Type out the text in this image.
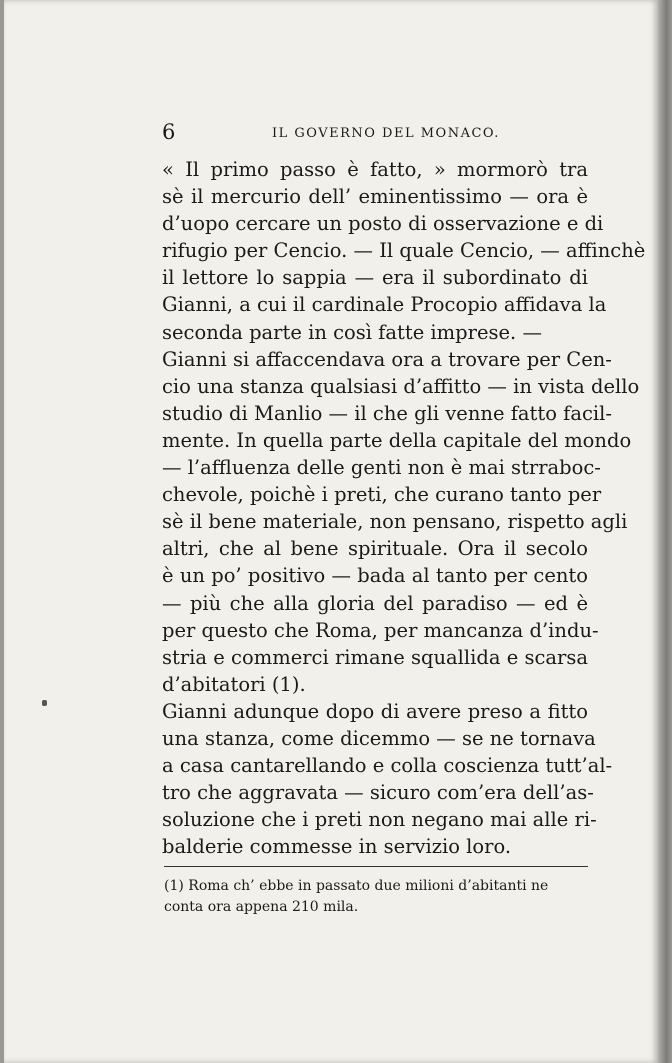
6	IL GOVERNO DEL MONACO.

« Il primo passo è fatto, » mormorò tra
sè il mercurio dell’ eminentissimo — ora è
d’uopo cercare un posto di osservazione e di
rifugio per Cencio. — Il quale Cencio, — affinchè
il lettore lo sappia — era il subordinato di
Gianni, a cui il cardinale Procopio affidava la
seconda parte in così fatte imprese. —

Gianni si affaccendava ora a trovare per Cen-
cio una stanza qualsiasi d’affitto — in vista dello
studio di Manlio — il che gli venne fatto facil-
mente. In quella parte della capitale del mondo
— l’affluenza delle genti non è mai strraboc-
chevole, poichè i preti, che curano tanto per
sè il bene materiale, non pensano, rispetto agli
altri, che al bene spirituale. Ora il secolo
è un po’ positivo — bada al tanto per cento
— più che alla gloria del paradiso — ed è
per questo che Roma, per mancanza d’indu-
stria e commerci rimane squallida e scarsa
d’abitatori (1).

Gianni adunque dopo di avere preso a fitto
una stanza, come dicemmo — se ne tornava
a casa cantarellando e colla coscienza tutt’al-
tro che aggravata — sicuro com’era dell’as-
soluzione che i preti non negano mai alle ri-
balderie commesse in servizio loro.

(1) Roma ch’ ebbe in passato due milioni d’abitanti ne
conta ora appena 210 mila.
